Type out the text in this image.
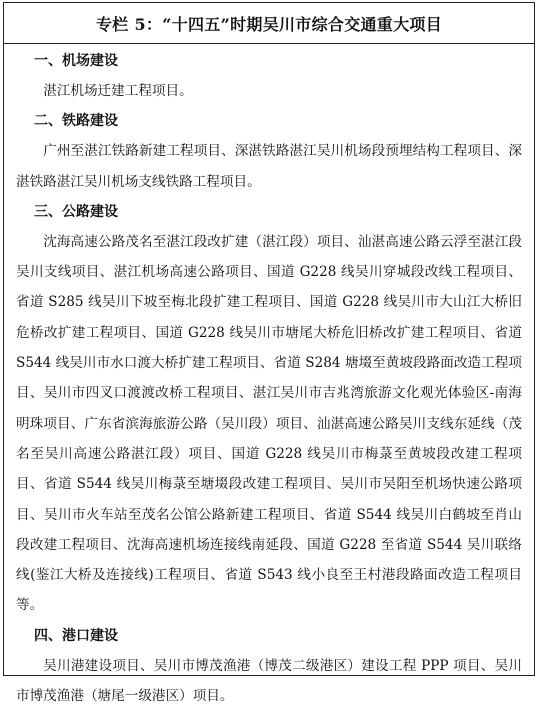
专栏 5：“十四五”时期吴川市综合交通重大项目
一、机场建设

湛江机场迁建工程项目。

二、铁路建设

广州至湛江铁路新建工程项目、深湛铁路湛江吴川机场段预埋结构工程项目、深湛铁路湛江吴川机场支线铁路工程项目。

三、公路建设

沈海高速公路茂名至湛江段改扩建（湛江段）项目、汕湛高速公路云浮至湛江段吴川支线项目、湛江机场高速公路项目、国道 G228 线吴川穿城段改线工程项目、省道 S285 线吴川下坡至梅北段扩建工程项目、国道 G228 线吴川市大山江大桥旧危桥改扩建工程项目、国道 G228 线吴川市塘尾大桥危旧桥改扩建工程项目、省道 S544 线吴川市水口渡大桥扩建工程项目、省道 S284 塘㙍至黄坡段路面改造工程项目、吴川市四叉口渡渡改桥工程项目、湛江吴川市吉兆湾旅游文化观光体验区-南海明珠项目、广东省滨海旅游公路（吴川段）项目、汕湛高速公路吴川支线东延线（茂名至吴川高速公路湛江段）项目、国道 G228 线吴川市梅菉至黄坡段改建工程项目、省道 S544 线吴川梅菉至塘㙍段改建工程项目、吴川市吴阳至机场快速公路项目、吴川市火车站至茂名公馆公路新建工程项目、省道 S544 线吴川白鹤坡至肖山段改建工程项目、沈海高速机场连接线南延段、国道 G228 至省道 S544 吴川联络线(鉴江大桥及连接线)工程项目、省道 S543 线小良至王村港段路面改造工程项目等。

四、港口建设

吴川港建设项目、吴川市博茂渔港（博茂二级港区）建设工程 PPP 项目、吴川市博茂渔港（塘尾一级港区）项目。
